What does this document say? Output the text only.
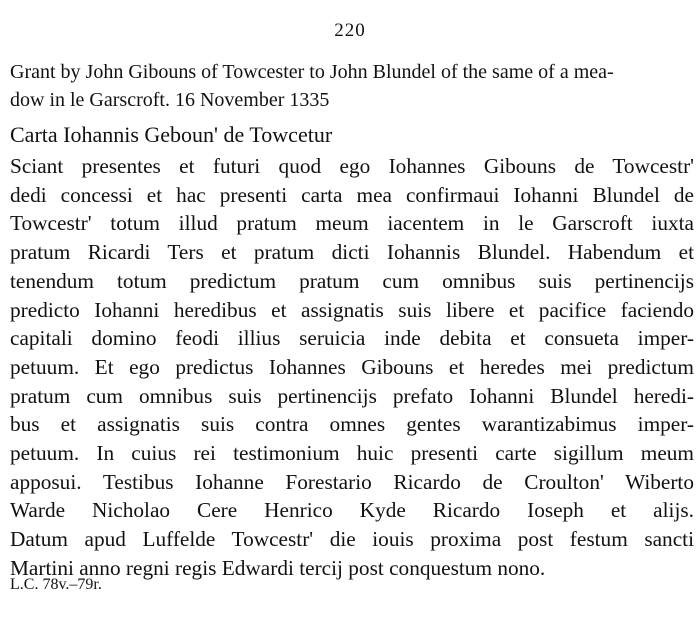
220
Grant by John Gibouns of Towcester to John Blundel of the same of a mea-
dow in le Garscroft. 16 November 1335
Carta Iohannis Geboun' de Towcetur
Sciant presentes et futuri quod ego Iohannes Gibouns de Towcestr'
dedi concessi et hac presenti carta mea confirmaui Iohanni Blundel de
Towcestr' totum illud pratum meum iacentem in le Garscroft iuxta
pratum Ricardi Ters et pratum dicti Iohannis Blundel. Habendum et
tenendum totum predictum pratum cum omnibus suis pertinencijs
predicto Iohanni heredibus et assignatis suis libere et pacifice faciendo
capitali domino feodi illius seruicia inde debita et consueta imper-
petuum. Et ego predictus Iohannes Gibouns et heredes mei predictum
pratum cum omnibus suis pertinencijs prefato Iohanni Blundel heredi-
bus et assignatis suis contra omnes gentes warantizabimus imper-
petuum. In cuius rei testimonium huic presenti carte sigillum meum
apposui. Testibus Iohanne Forestario Ricardo de Croulton' Wiberto
Warde Nicholao Cere Henrico Kyde Ricardo Ioseph et alijs.
Datum apud Luffelde Towcestr' die iouis proxima post festum sancti
Martini anno regni regis Edwardi tercij post conquestum nono.
L.C. 78v.–79r.
